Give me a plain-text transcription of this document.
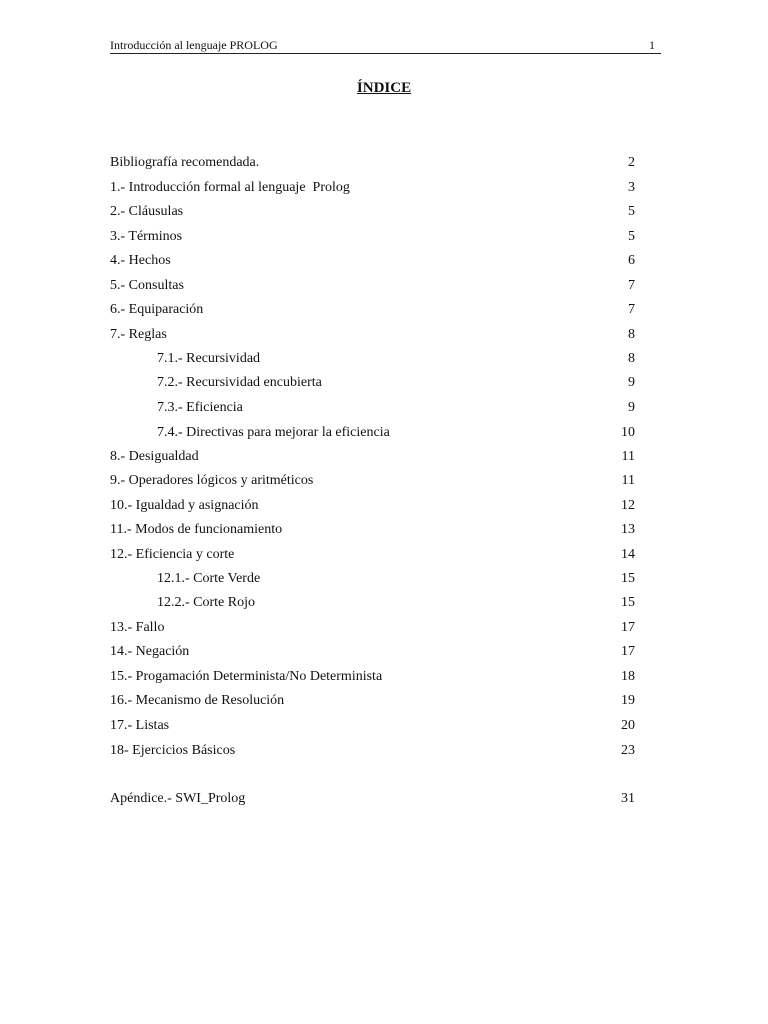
Introducción al lenguaje PROLOG	1
ÍNDICE
Bibliografía recomendada.	2
1.- Introducción formal al lenguaje  Prolog	3
2.- Cláusulas	5
3.- Términos	5
4.- Hechos	6
5.- Consultas	7
6.- Equiparación	7
7.- Reglas	8
7.1.- Recursividad	8
7.2.- Recursividad encubierta	9
7.3.- Eficiencia	9
7.4.- Directivas para mejorar la eficiencia	10
8.- Desigualdad	11
9.- Operadores lógicos y aritméticos	11
10.- Igualdad y asignación	12
11.- Modos de funcionamiento	13
12.- Eficiencia y corte	14
12.1.- Corte Verde	15
12.2.- Corte Rojo	15
13.- Fallo	17
14.- Negación	17
15.- Progamación Determinista/No Determinista	18
16.- Mecanismo de Resolución	19
17.- Listas	20
18- Ejercicios Básicos	23
Apéndice.- SWI_Prolog	31
